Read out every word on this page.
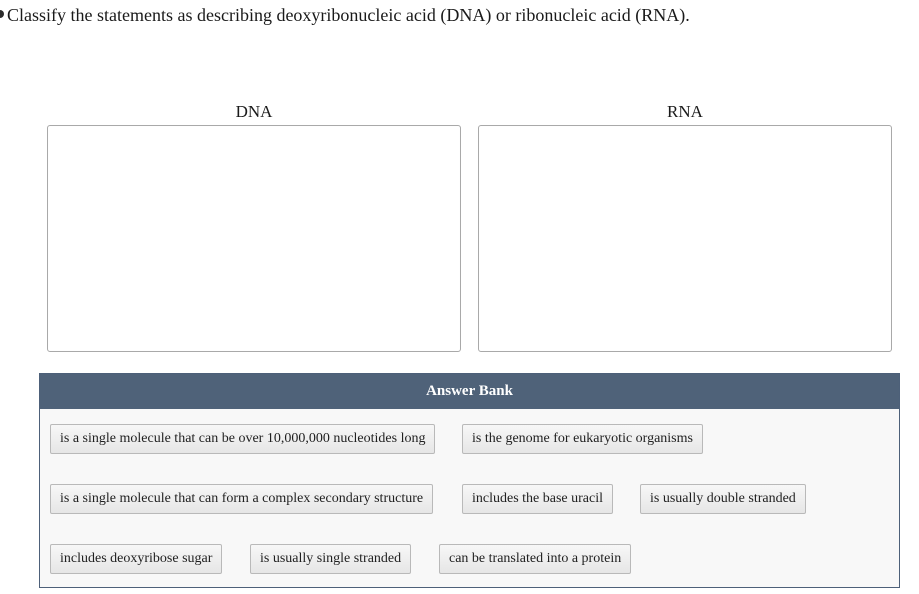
Classify the statements as describing deoxyribonucleic acid (DNA) or ribonucleic acid (RNA).
DNA	RNA
Answer Bank
is a single molecule that can be over 10,000,000 nucleotides long	is the genome for eukaryotic organisms
is a single molecule that can form a complex secondary structure	includes the base uracil	is usually double stranded
includes deoxyribose sugar	is usually single stranded	can be translated into a protein
